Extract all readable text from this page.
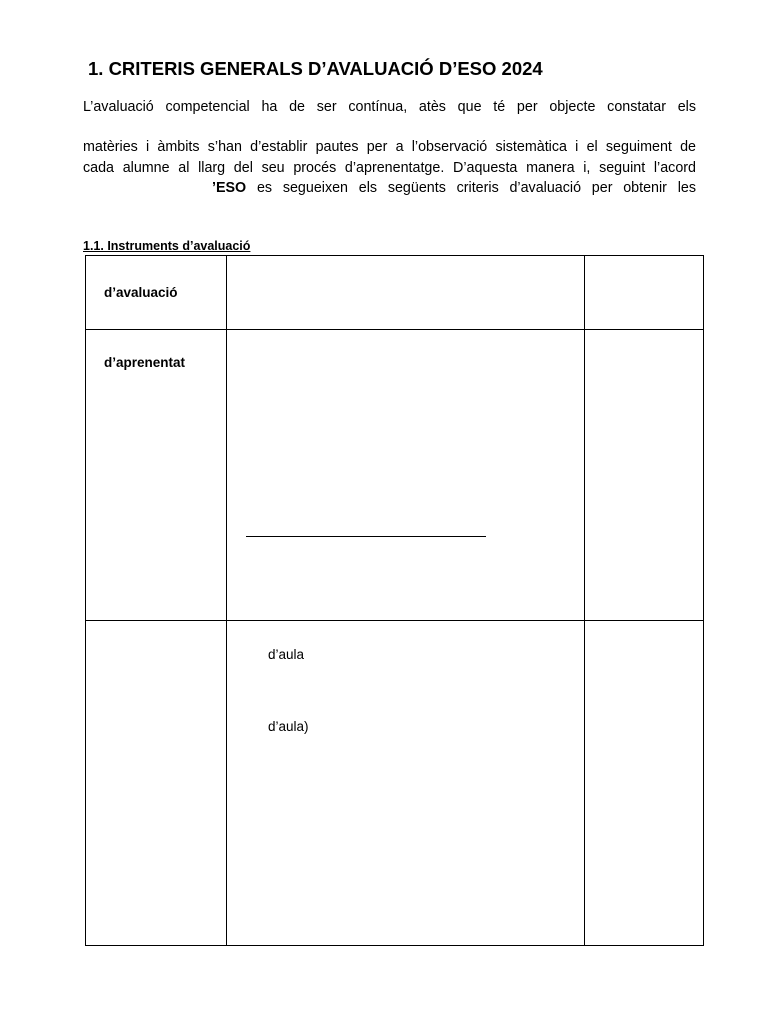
1. CRITERIS GENERALS D’AVALUACIÓ D’ESO 2024

L’avaluació competencial ha de ser contínua, atès que té per objecte constatar els

matèries i àmbits s’han d’establir pautes per a l’observació sistemàtica i el seguiment de

cada alumne al llarg del seu procés d’aprenentatge. D’aquesta manera i, seguint l’acord

’ESO es segueixen els següents criteris d’avaluació per obtenir les

1.1. Instruments d’avaluació

d’avaluació
d’aprenentat
d’aula
d’aula)
